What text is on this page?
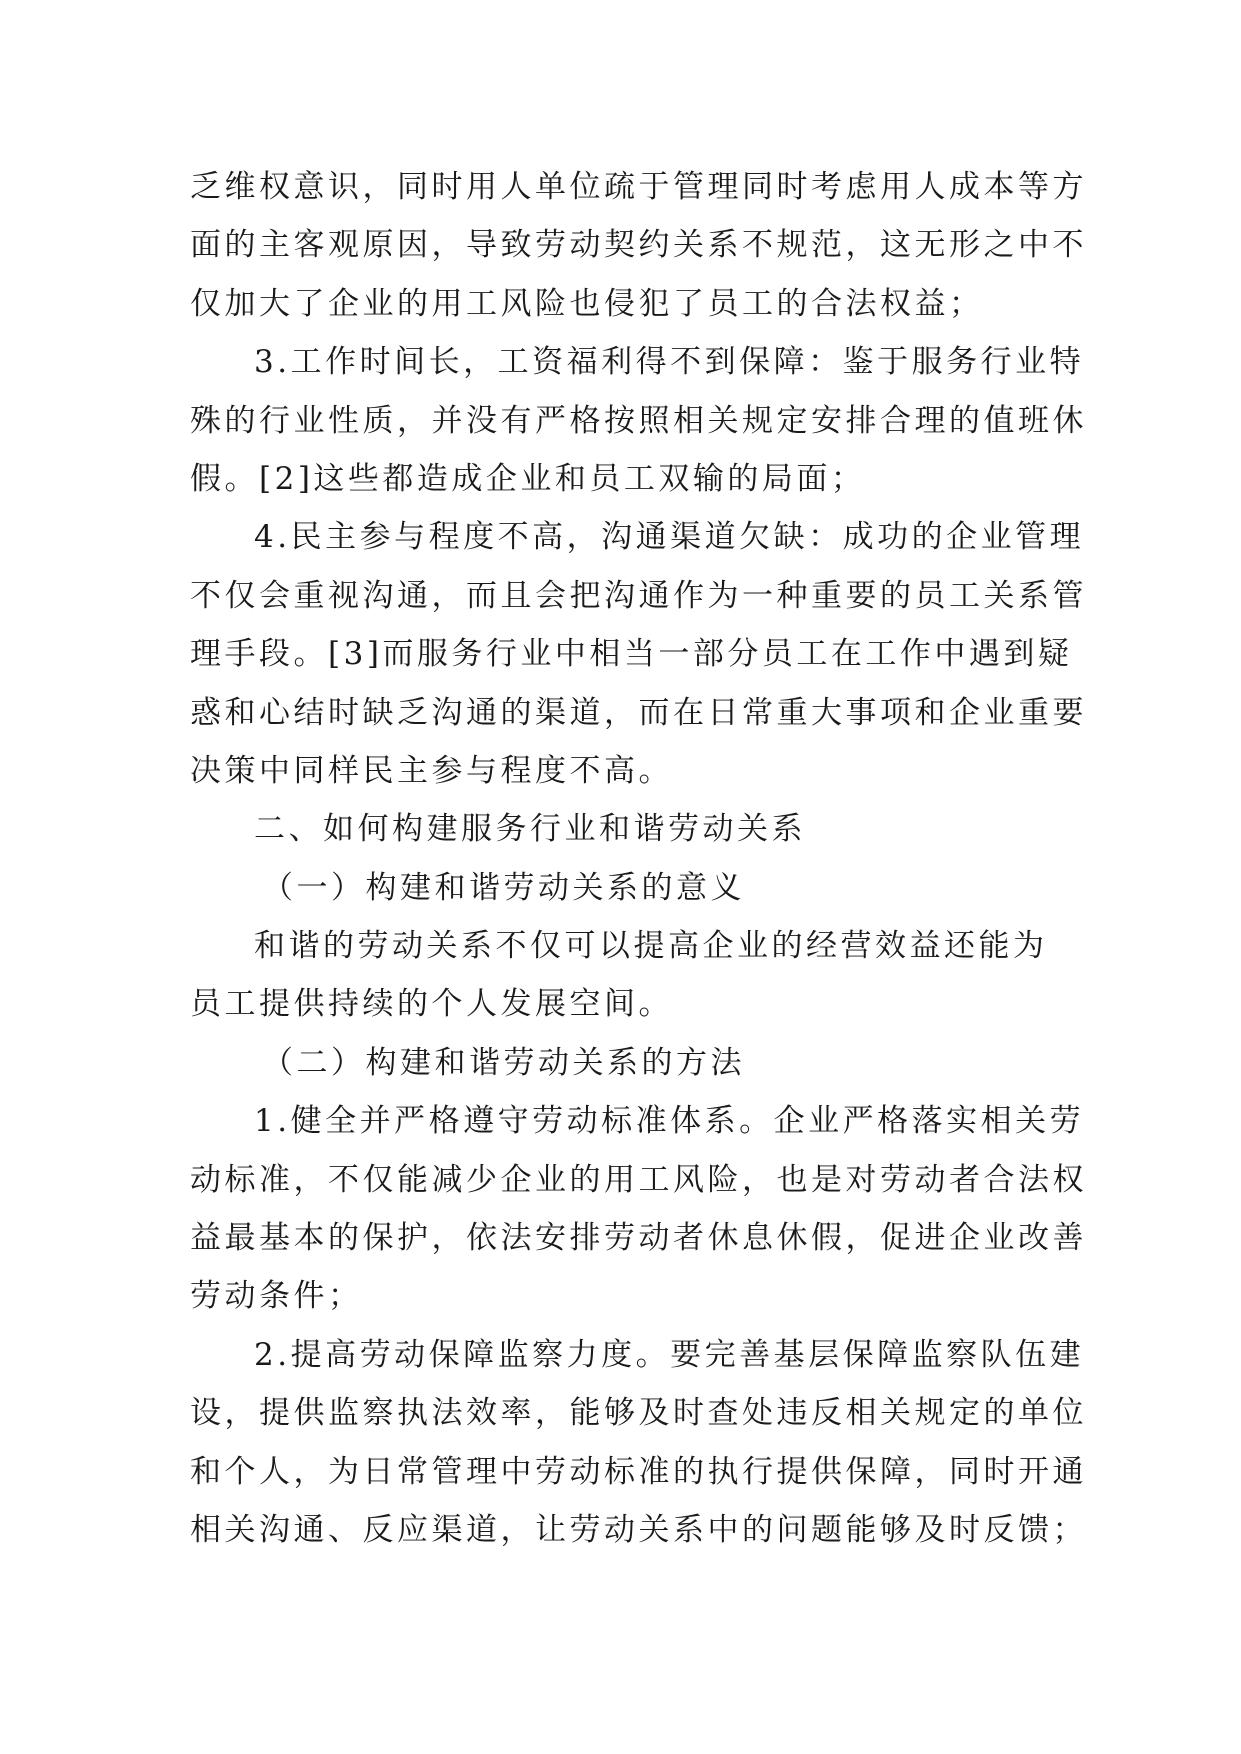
乏维权意识，同时用人单位疏于管理同时考虑用人成本等方
面的主客观原因，导致劳动契约关系不规范，这无形之中不
仅加大了企业的用工风险也侵犯了员工的合法权益；
3.工作时间长，工资福利得不到保障：鉴于服务行业特
殊的行业性质，并没有严格按照相关规定安排合理的值班休
假。[2]这些都造成企业和员工双输的局面；
4.民主参与程度不高，沟通渠道欠缺：成功的企业管理
不仅会重视沟通，而且会把沟通作为一种重要的员工关系管
理手段。[3]而服务行业中相当一部分员工在工作中遇到疑
惑和心结时缺乏沟通的渠道，而在日常重大事项和企业重要
决策中同样民主参与程度不高。
二、如何构建服务行业和谐劳动关系
（一）构建和谐劳动关系的意义
和谐的劳动关系不仅可以提高企业的经营效益还能为
员工提供持续的个人发展空间。
（二）构建和谐劳动关系的方法
1.健全并严格遵守劳动标准体系。企业严格落实相关劳
动标准，不仅能减少企业的用工风险，也是对劳动者合法权
益最基本的保护，依法安排劳动者休息休假，促进企业改善
劳动条件；
2.提高劳动保障监察力度。要完善基层保障监察队伍建
设，提供监察执法效率，能够及时查处违反相关规定的单位
和个人，为日常管理中劳动标准的执行提供保障，同时开通
相关沟通、反应渠道，让劳动关系中的问题能够及时反馈；
